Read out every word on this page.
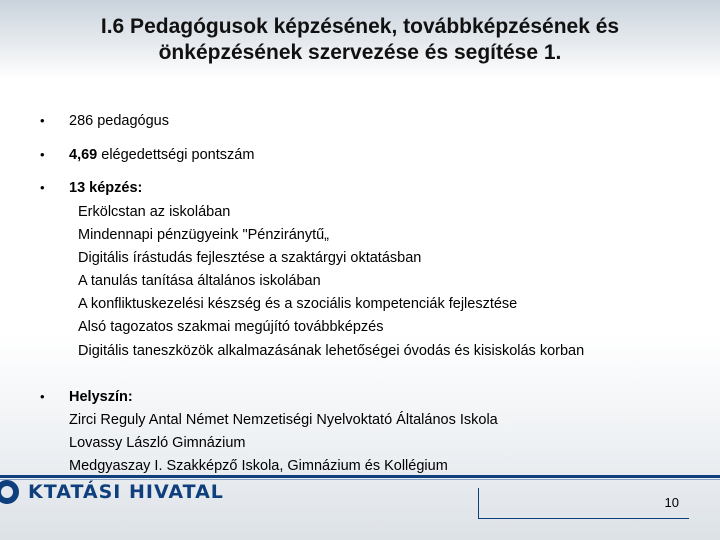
I.6 Pedagógusok képzésének, továbbképzésének és
önképzésének szervezése és segítése 1.
• 286 pedagógus
• 4,69 elégedettségi pontszám
• 13 képzés:
Erkölcstan az iskolában
Mindennapi pénzügyeink "Pénziránytű„
Digitális írástudás fejlesztése a szaktárgyi oktatásban
A tanulás tanítása általános iskolában
A konfliktuskezelési készség és a szociális kompetenciák fejlesztése
Alsó tagozatos szakmai megújító továbbképzés
Digitális taneszközök alkalmazásának lehetőségei óvodás és kisiskolás korban
• Helyszín:
Zirci Reguly Antal Német Nemzetiségi Nyelvoktató Általános Iskola
Lovassy László Gimnázium
Medgyaszay I. Szakképző Iskola, Gimnázium és Kollégium
KTATÁSI HIVATAL	10
